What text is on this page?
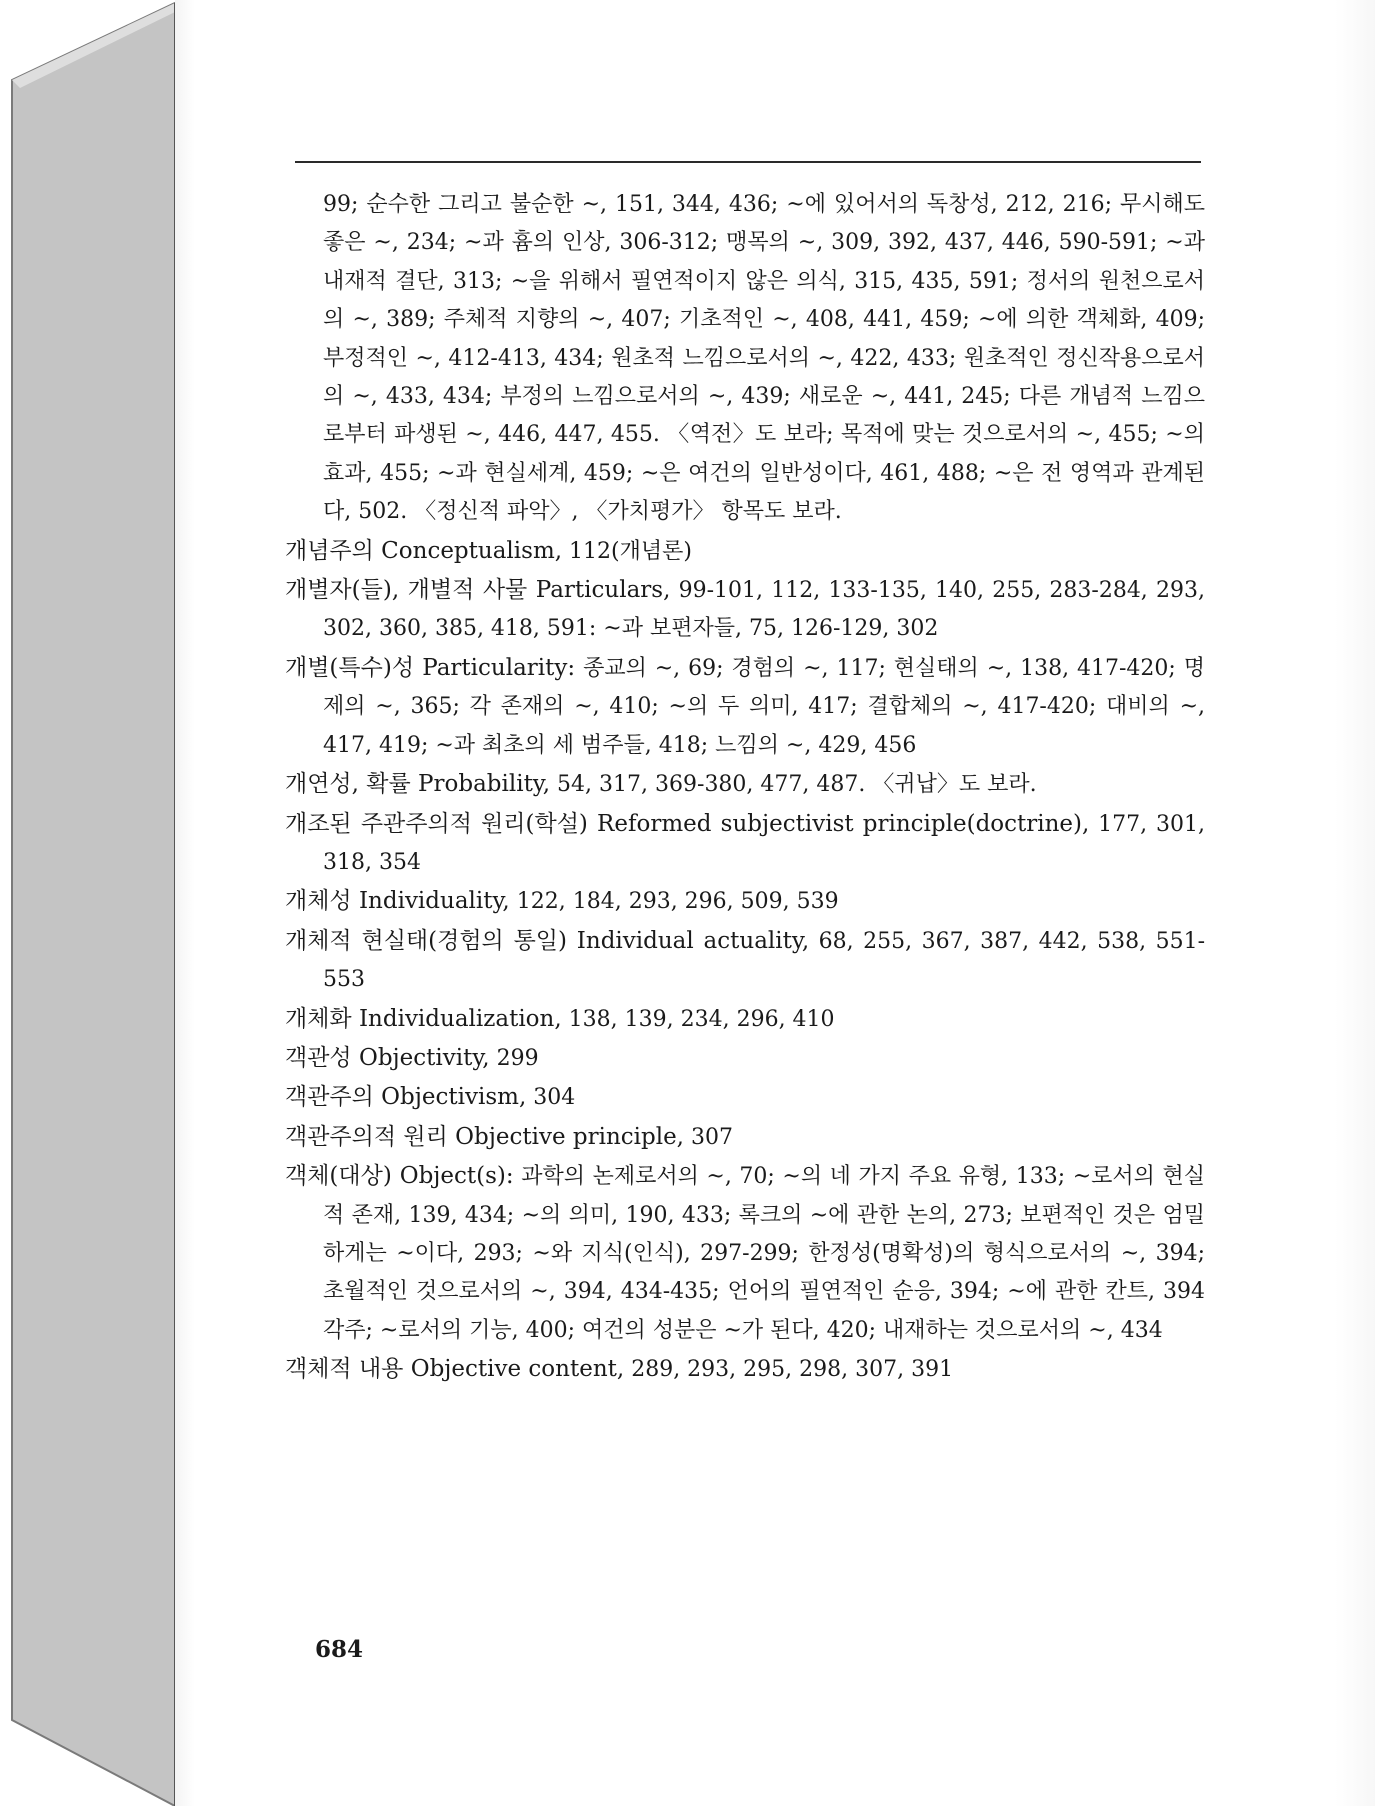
99; 순수한 그리고 불순한 ~, 151, 344, 436; ~에 있어서의 독창성, 212, 216; 무시해도 좋은 ~, 234; ~과 흄의 인상, 306-312; 맹목의 ~, 309, 392, 437, 446, 590-591; ~과 내재적 결단, 313; ~을 위해서 필연적이지 않은 의식, 315, 435, 591; 정서의 원천으로서의 ~, 389; 주체적 지향의 ~, 407; 기초적인 ~, 408, 441, 459; ~에 의한 객체화, 409; 부정적인 ~, 412-413, 434; 원초적 느낌으로서의 ~, 422, 433; 원초적인 정신작용으로서의 ~, 433, 434; 부정의 느낌으로서의 ~, 439; 새로운 ~, 441, 245; 다른 개념적 느낌으로부터 파생된 ~, 446, 447, 455. 〈역전〉도 보라; 목적에 맞는 것으로서의 ~, 455; ~의 효과, 455; ~과 현실세계, 459; ~은 여건의 일반성이다, 461, 488; ~은 전 영역과 관계된다, 502. 〈정신적 파악〉, 〈가치평가〉 항목도 보라.
개념주의 Conceptualism, 112(개념론)
개별자(들), 개별적 사물 Particulars, 99-101, 112, 133-135, 140, 255, 283-284, 293, 302, 360, 385, 418, 591: ~과 보편자들, 75, 126-129, 302
개별(특수)성 Particularity: 종교의 ~, 69; 경험의 ~, 117; 현실태의 ~, 138, 417-420; 명제의 ~, 365; 각 존재의 ~, 410; ~의 두 의미, 417; 결합체의 ~, 417-420; 대비의 ~, 417, 419; ~과 최초의 세 범주들, 418; 느낌의 ~, 429, 456
개연성, 확률 Probability, 54, 317, 369-380, 477, 487. 〈귀납〉도 보라.
개조된 주관주의적 원리(학설) Reformed subjectivist principle(doctrine), 177, 301, 318, 354
개체성 Individuality, 122, 184, 293, 296, 509, 539
개체적 현실태(경험의 통일) Individual actuality, 68, 255, 367, 387, 442, 538, 551-553
개체화 Individualization, 138, 139, 234, 296, 410
객관성 Objectivity, 299
객관주의 Objectivism, 304
객관주의적 원리 Objective principle, 307
객체(대상) Object(s): 과학의 논제로서의 ~, 70; ~의 네 가지 주요 유형, 133; ~로서의 현실적 존재, 139, 434; ~의 의미, 190, 433; 록크의 ~에 관한 논의, 273; 보편적인 것은 엄밀하게는 ~이다, 293; ~와 지식(인식), 297-299; 한정성(명확성)의 형식으로서의 ~, 394; 초월적인 것으로서의 ~, 394, 434-435; 언어의 필연적인 순응, 394; ~에 관한 칸트, 394 각주; ~로서의 기능, 400; 여건의 성분은 ~가 된다, 420; 내재하는 것으로서의 ~, 434
객체적 내용 Objective content, 289, 293, 295, 298, 307, 391
684
